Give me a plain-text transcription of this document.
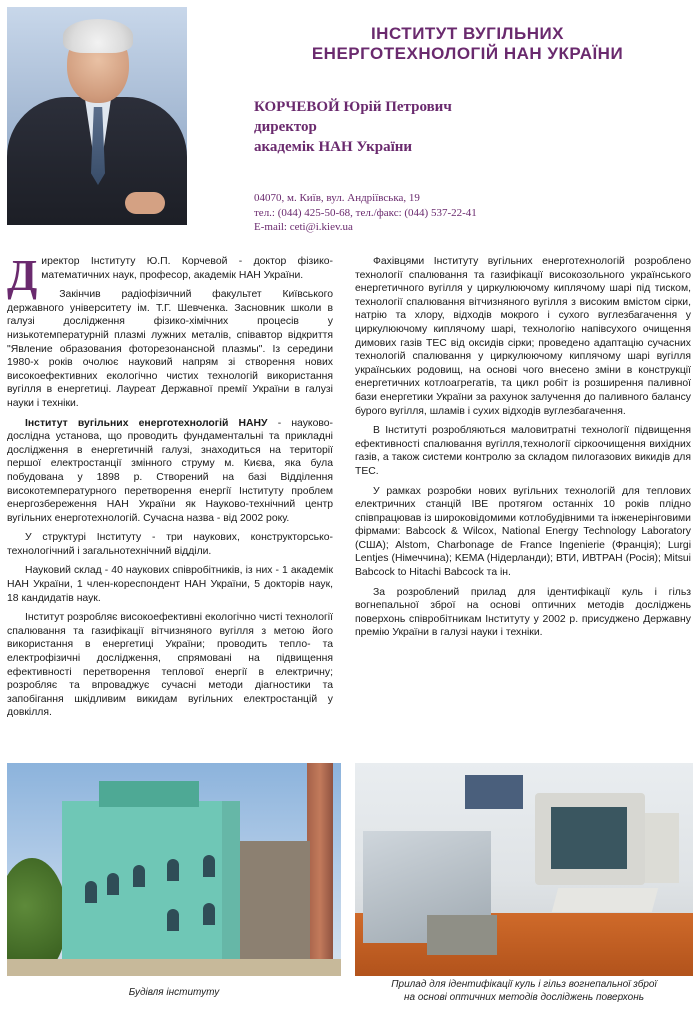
ІНСТИТУТ ВУГІЛЬНИХ
ЕНЕРГОТЕХНОЛОГІЙ НАН УКРАЇНИ
КОРЧЕВОЙ Юрій Петрович
директор
академік НАН України
04070, м. Київ, вул. Андріївська, 19
тел.: (044) 425-50-68, тел./факс: (044) 537-22-41
E-mail: ceti@i.kiev.ua

Директор Інституту Ю.П. Корчевой - доктор фізико-математичних наук, професор, академік НАН України.

Закінчив радіофізичний факультет Київського державного університету ім. Т.Г. Шевченка. Засновник школи в галузі дослідження фізико-хімічних процесів у низькотемпературній плазмі лужних металів, співавтор відкриття "Явление образования фоторезонансной плазмы". Із середини 1980-х років очолює науковий напрям зі створення нових високоефективних екологічно чистих технологій використання вугілля в енергетиці. Лауреат Державної премії України в галузі науки і техніки.

Інститут вугільних енерготехнологій НАНУ - науково-дослідна установа, що проводить фундаментальні та прикладні дослідження в енергетичній галузі, знаходиться на території першої електростанції змінного струму м. Києва, яка була побудована у 1898 р. Створений на базі Відділення високотемпературного перетворення енергії Інституту проблем енергозбереження НАН України як Науково-технічний центр вугільних енерготехнологій. Сучасна назва - від 2002 року.

У структурі Інституту - три наукових, конструкторсько-технологічний і загальнотехнічний відділи.

Науковий склад - 40 наукових співробітників, із них - 1 академік НАН України, 1 член-кореспондент НАН України, 5 докторів наук, 18 кандидатів наук.

Інститут розробляє високоефективні екологічно чисті технології спалювання та газифікації вітчизняного вугілля з метою його використання в енергетиці України; проводить тепло- та електрофізичні дослідження, спрямовані на підвищення ефективності перетворення теплової енергії в електричну; розробляє та впроваджує сучасні методи діагностики та запобігання шкідливим викидам вугільних електростанцій у довкілля.

Фахівцями Інституту вугільних енерготехнологій розроблено технології спалювання та газифікації високозольного українського енергетичного вугілля у циркулюючому киплячому шарі під тиском, технології спалювання вітчизняного вугілля з високим вмістом сірки, натрію та хлору, відходів мокрого і сухого вуглезбагачення у циркулюючому киплячому шарі, технологію напівсухого очищення димових газів ТЕС від оксидів сірки; проведено адаптацію сучасних технологій спалювання у циркулюючому киплячому шарі вугілля українських родовищ, на основі чого внесено зміни в конструкції енергетичних котлоагрегатів, та цикл робіт із розширення паливної бази енергетики України за рахунок залучення до паливного балансу бурого вугілля, шламів і сухих відходів вуглезбагачення.

В Інституті розробляються маловитратні технології підвищення ефективності спалювання вугілля,технології сіркоочищення вихідних газів, а також системи контролю за складом пилогазових викидів для ТЕС.

У рамках розробки нових вугільних технологій для теплових електричних станцій ІВЕ протягом останніх 10 років плідно співпрацював із широковідомими котлобудівними та інженерінговими фірмами: Babcock & Wilcox, National Energy Technology Laboratory (США); Alstom, Charbonage de France Ingenierie (Франція); Lurgi Lentjes (Німеччина); KEMA (Нідерланди); ВТИ, ИВТРАН (Росія); Mitsui Babcock to Hitachi Babcock та ін.

За розроблений прилад для ідентифікації куль і гільз вогнепальної зброї на основі оптичних методів досліджень поверхонь співробітникам Інституту у 2002 р. присуджено Державну премію України в галузі науки і техніки.

Будівля інституту
Прилад для ідентифікації куль і гільз вогнепальної зброї
на основі оптичних методів досліджень поверхонь
